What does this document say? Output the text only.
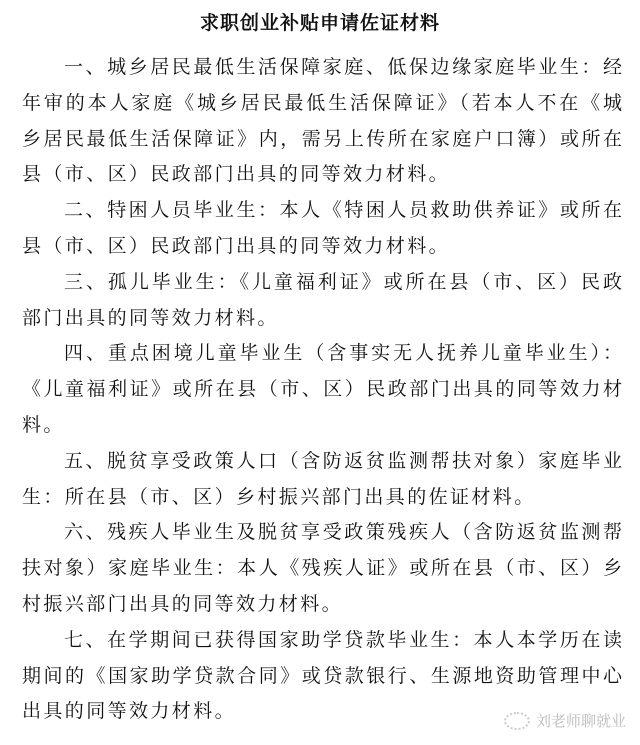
求职创业补贴申请佐证材料
一、城乡居民最低生活保障家庭、低保边缘家庭毕业生：经
年审的本人家庭《城乡居民最低生活保障证》（若本人不在《城
乡居民最低生活保障证》内，需另上传所在家庭户口簿）或所在
县（市、区）民政部门出具的同等效力材料。
二、特困人员毕业生：本人《特困人员救助供养证》或所在
县（市、区）民政部门出具的同等效力材料。
三、孤儿毕业生：《儿童福利证》或所在县（市、区）民政
部门出具的同等效力材料。
四、重点困境儿童毕业生（含事实无人抚养儿童毕业生）：
《儿童福利证》或所在县（市、区）民政部门出具的同等效力材
料。
五、脱贫享受政策人口（含防返贫监测帮扶对象）家庭毕业
生：所在县（市、区）乡村振兴部门出具的佐证材料。
六、残疾人毕业生及脱贫享受政策残疾人（含防返贫监测帮
扶对象）家庭毕业生：本人《残疾人证》或所在县（市、区）乡
村振兴部门出具的同等效力材料。
七、在学期间已获得国家助学贷款毕业生：本人本学历在读
期间的《国家助学贷款合同》或贷款银行、生源地资助管理中心
出具的同等效力材料。	刘老师聊就业
